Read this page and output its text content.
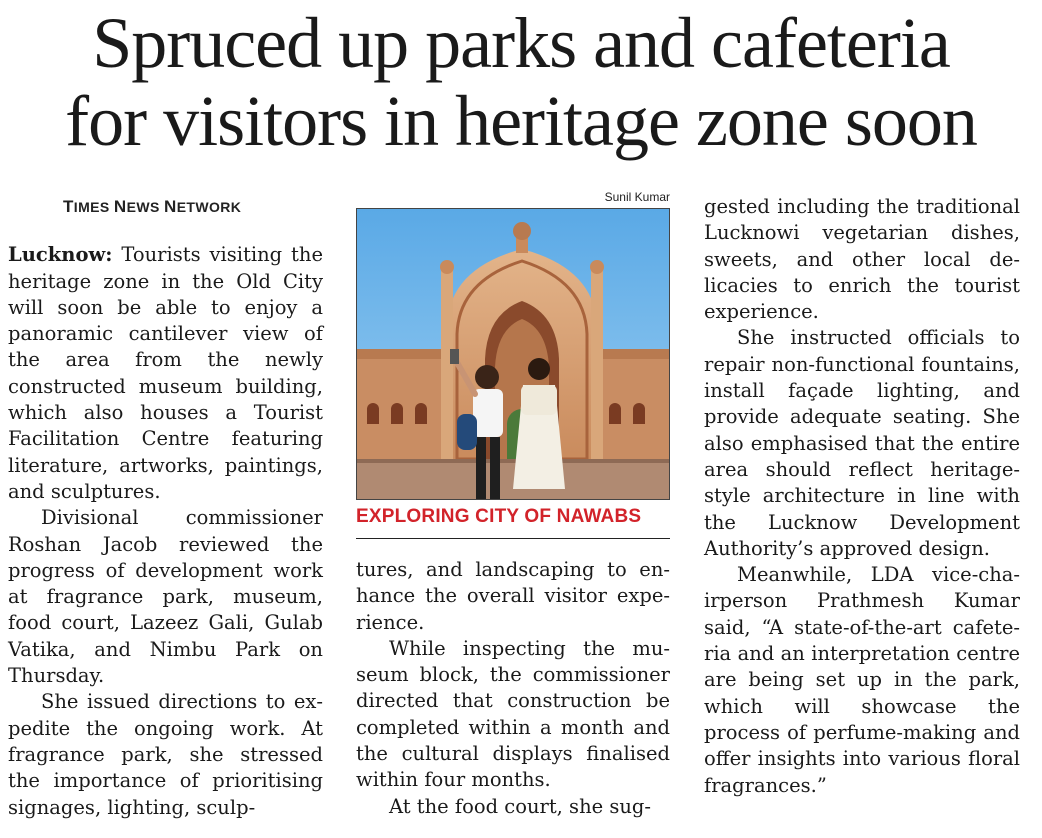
Spruced up parks and cafeteria
for visitors in heritage zone soon
TIMES NEWS NETWORK

Lucknow: Tourists visiting the heritage zone in the Old City will soon be able to enjoy a panoramic cantilever view of the area from the newly constructed museum building, which also houses a Tourist Facilitation Centre featuring literature, artworks, paintings, and sculptures.

Divisional commissioner Roshan Jacob reviewed the progress of development work at fragrance park, museum, food court, Lazeez Gali, Gulab Vatika, and Nimbu Park on Thursday.

She issued directions to expedite the ongoing work. At fragrance park, she stressed the importance of prioritising signages, lighting, sculp-

Sunil Kumar
EXPLORING CITY OF NAWABS

tures, and landscaping to enhance the overall visitor experience.

While inspecting the museum block, the commissioner directed that construction be completed within a month and the cultural displays finalised within four months.

At the food court, she sug-

gested including the traditional Lucknowi vegetarian dishes, sweets, and other local delicacies to enrich the tourist experience.

She instructed officials to repair non-functional fountains, install façade lighting, and provide adequate seating. She also emphasised that the entire area should reflect heritage-style architecture in line with the Lucknow Development Authority’s approved design.

Meanwhile, LDA vice-chairperson Prathmesh Kumar said, “A state-of-the-art cafeteria and an interpretation centre are being set up in the park, which will showcase the process of perfume-making and offer insights into various floral fragrances.”
